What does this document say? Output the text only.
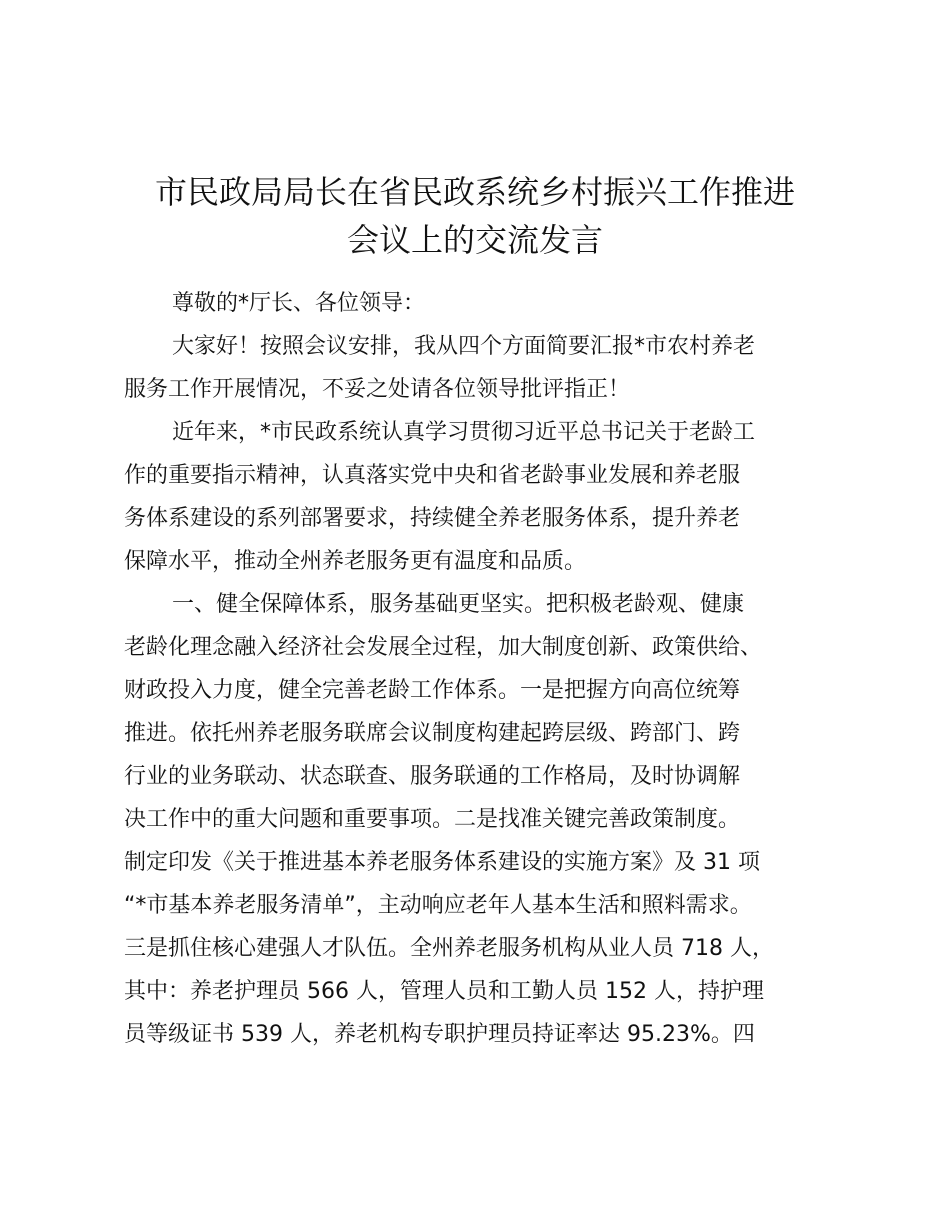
市民政局局长在省民政系统乡村振兴工作推进
会议上的交流发言
尊敬的*厅长、各位领导：
大家好！按照会议安排，我从四个方面简要汇报*市农村养老
服务工作开展情况，不妥之处请各位领导批评指正！
近年来，*市民政系统认真学习贯彻习近平总书记关于老龄工
作的重要指示精神，认真落实党中央和省老龄事业发展和养老服
务体系建设的系列部署要求，持续健全养老服务体系，提升养老
保障水平，推动全州养老服务更有温度和品质。
一、健全保障体系，服务基础更坚实。把积极老龄观、健康
老龄化理念融入经济社会发展全过程，加大制度创新、政策供给、
财政投入力度，健全完善老龄工作体系。一是把握方向高位统筹
推进。依托州养老服务联席会议制度构建起跨层级、跨部门、跨
行业的业务联动、状态联查、服务联通的工作格局，及时协调解
决工作中的重大问题和重要事项。二是找准关键完善政策制度。
制定印发《关于推进基本养老服务体系建设的实施方案》及 31 项
“*市基本养老服务清单”，主动响应老年人基本生活和照料需求。
三是抓住核心建强人才队伍。全州养老服务机构从业人员 718 人，
其中：养老护理员 566 人，管理人员和工勤人员 152 人，持护理
员等级证书 539 人，养老机构专职护理员持证率达 95.23%。四
